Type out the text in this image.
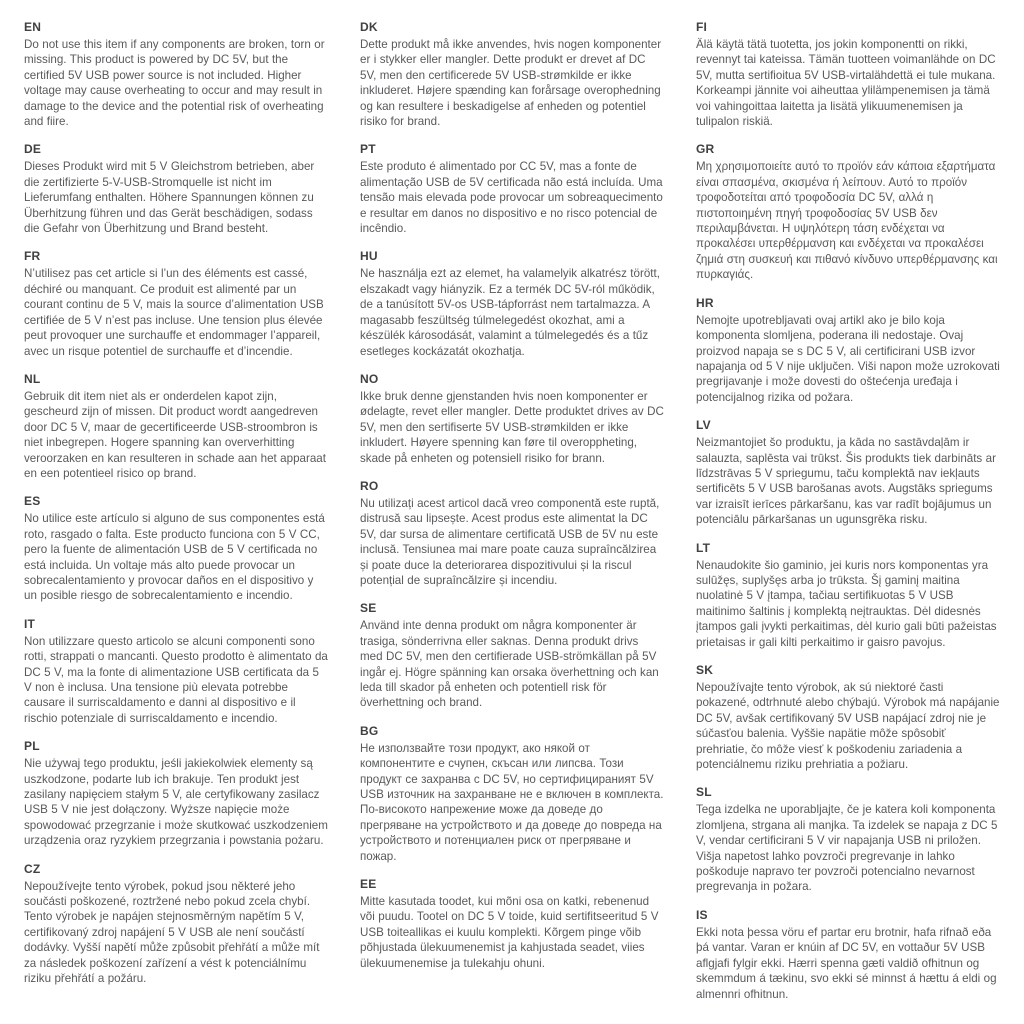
EN

Do not use this item if any components are broken, torn or missing. This product is powered by DC 5V, but the certified 5V USB power source is not included. Higher voltage may cause overheating to occur and may result in damage to the device and the potential risk of overheating and fiire.

DE

Dieses Produkt wird mit 5 V Gleichstrom betrieben, aber die zertifizierte 5-V-USB-Stromquelle ist nicht im Lieferumfang enthalten. Höhere Spannungen können zu Überhitzung führen und das Gerät beschädigen, sodass die Gefahr von Überhitzung und Brand besteht.

FR

N’utilisez pas cet article si l’un des éléments est cassé, déchiré ou manquant. Ce produit est alimenté par un courant continu de 5 V, mais la source d’alimentation USB certifiée de 5 V n’est pas incluse. Une tension plus élevée peut provoquer une surchauffe et endommager l’appareil, avec un risque potentiel de surchauffe et d’incendie.

NL

Gebruik dit item niet als er onderdelen kapot zijn, gescheurd zijn of missen. Dit product wordt aangedreven door DC 5 V, maar de gecertificeerde USB-stroombron is niet inbegrepen. Hogere spanning kan oververhitting veroorzaken en kan resulteren in schade aan het apparaat en een potentieel risico op brand.

ES

No utilice este artículo si alguno de sus componentes está roto, rasgado o falta. Este producto funciona con 5 V CC, pero la fuente de alimentación USB de 5 V certificada no está incluida. Un voltaje más alto puede provocar un sobrecalentamiento y provocar daños en el dispositivo y un posible riesgo de sobrecalentamiento e incendio.

IT

Non utilizzare questo articolo se alcuni componenti sono rotti, strappati o mancanti. Questo prodotto è alimentato da DC 5 V, ma la fonte di alimentazione USB certificata da 5 V non è inclusa. Una tensione più elevata potrebbe causare il surriscaldamento e danni al dispositivo e il rischio potenziale di surriscaldamento e incendio.

PL

Nie używaj tego produktu, jeśli jakiekolwiek elementy są uszkodzone, podarte lub ich brakuje. Ten produkt jest zasilany napięciem stałym 5 V, ale certyfikowany zasilacz USB 5 V nie jest dołączony. Wyższe napięcie może spowodować przegrzanie i może skutkować uszkodzeniem urządzenia oraz ryzykiem przegrzania i powstania pożaru.

CZ

Nepoužívejte tento výrobek, pokud jsou některé jeho součásti poškozené, roztržené nebo pokud zcela chybí. Tento výrobek je napájen stejnosměrným napětím 5 V, certifikovaný zdroj napájení 5 V USB ale není součástí dodávky. Vyšší napětí může způsobit přehřátí a může mít za následek poškození zařízení a vést k potenciálnímu riziku přehřátí a požáru.

DK

Dette produkt må ikke anvendes, hvis nogen komponenter er i stykker eller mangler. Dette produkt er drevet af DC 5V, men den certificerede 5V USB-strømkilde er ikke inkluderet. Højere spænding kan forårsage overophedning og kan resultere i beskadigelse af enheden og potentiel risiko for brand.

PT

Este produto é alimentado por CC 5V, mas a fonte de alimentação USB de 5V certificada não está incluída. Uma tensão mais elevada pode provocar um sobreaquecimento e resultar em danos no dispositivo e no risco potencial de incêndio.

HU

Ne használja ezt az elemet, ha valamelyik alkatrész törött, elszakadt vagy hiányzik. Ez a termék DC 5V-ról működik, de a tanúsított 5V-os USB-tápforrást nem tartalmazza. A magasabb feszültség túlmelegedést okozhat, ami a készülék károsodását, valamint a túlmelegedés és a tűz esetleges kockázatát okozhatja.

NO

Ikke bruk denne gjenstanden hvis noen komponenter er ødelagte, revet eller mangler. Dette produktet drives av DC 5V, men den sertifiserte 5V USB-strømkilden er ikke inkludert. Høyere spenning kan føre til overoppheting, skade på enheten og potensiell risiko for brann.

RO

Nu utilizați acest articol dacă vreo componentă este ruptă, distrusă sau lipsește. Acest produs este alimentat la DC 5V, dar sursa de alimentare certificată USB de 5V nu este inclusă. Tensiunea mai mare poate cauza supraîncălzirea și poate duce la deteriorarea dispozitivului și la riscul potențial de supraîncălzire și incendiu.

SE

Använd inte denna produkt om några komponenter är trasiga, sönderrivna eller saknas. Denna produkt drivs med DC 5V, men den certifierade USB-strömkällan på 5V ingår ej. Högre spänning kan orsaka överhettning och kan leda till skador på enheten och potentiell risk för överhettning och brand.

BG

Не използвайте този продукт, ако някой от компонентите е счупен, скъсан или липсва. Този продукт се захранва с DC 5V, но сертифицираният 5V USB източник на захранване не е включен в комплекта. По-високото напрежение може да доведе до прегряване на устройството и да доведе до повреда на устройството и потенциален риск от прегряване и пожар.

EE

Mitte kasutada toodet, kui mõni osa on katki, rebenenud või puudu. Tootel on DC 5 V toide, kuid sertifitseeritud 5 V USB toiteallikas ei kuulu komplekti. Kõrgem pinge võib põhjustada ülekuumenemist ja kahjustada seadet, viies ülekuumenemise ja tulekahju ohuni.

FI

Älä käytä tätä tuotetta, jos jokin komponentti on rikki, revennyt tai kateissa. Tämän tuotteen voimanlähde on DC 5V, mutta sertifioitua 5V USB-virtalähdettä ei tule mukana. Korkeampi jännite voi aiheuttaa ylilämpenemisen ja tämä voi vahingoittaa laitetta ja lisätä ylikuumenemisen ja tulipalon riskiä.

GR

Μη χρησιμοποιείτε αυτό το προϊόν εάν κάποια εξαρτήματα είναι σπασμένα, σκισμένα ή λείπουν. Αυτό το προϊόν τροφοδοτείται από τροφοδοσία DC 5V, αλλά η πιστοποιημένη πηγή τροφοδοσίας 5V USB δεν περιλαμβάνεται. Η υψηλότερη τάση ενδέχεται να προκαλέσει υπερθέρμανση και ενδέχεται να προκαλέσει ζημιά στη συσκευή και πιθανό κίνδυνο υπερθέρμανσης και πυρκαγιάς.

HR

Nemojte upotrebljavati ovaj artikl ako je bilo koja komponenta slomljena, poderana ili nedostaje. Ovaj proizvod napaja se s DC 5 V, ali certificirani USB izvor napajanja od 5 V nije uključen. Viši napon može uzrokovati pregrijavanje i može dovesti do oštećenja uređaja i potencijalnog rizika od požara.

LV

Neizmantojiet šo produktu, ja kāda no sastāvdaļām ir salauzta, saplēsta vai trūkst. Šis produkts tiek darbināts ar līdzstrāvas 5 V spriegumu, taču komplektā nav iekļauts sertificēts 5 V USB barošanas avots. Augstāks spriegums var izraisīt ierīces pārkaršanu, kas var radīt bojājumus un potenciālu pārkaršanas un ugunsgrēka risku.

LT

Nenaudokite šio gaminio, jei kuris nors komponentas yra sulūžęs, suplyšęs arba jo trūksta. Šį gaminį maitina nuolatinė 5 V įtampa, tačiau sertifikuotas 5 V USB maitinimo šaltinis į komplektą neįtrauktas. Dėl didesnės įtampos gali įvykti perkaitimas, dėl kurio gali būti pažeistas prietaisas ir gali kilti perkaitimo ir gaisro pavojus.

SK

Nepoužívajte tento výrobok, ak sú niektoré časti pokazené, odtrhnuté alebo chýbajú. Výrobok má napájanie DC 5V, avšak certifikovaný 5V USB napájací zdroj nie je súčasťou balenia. Vyššie napätie môže spôsobiť prehriatie, čo môže viesť k poškodeniu zariadenia a potenciálnemu riziku prehriatia a požiaru.

SL

Tega izdelka ne uporabljajte, če je katera koli komponenta zlomljena, strgana ali manjka. Ta izdelek se napaja z DC 5 V, vendar certificirani 5 V vir napajanja USB ni priložen. Višja napetost lahko povzroči pregrevanje in lahko poškoduje napravo ter povzroči potencialno nevarnost pregrevanja in požara.

IS

Ekki nota þessa vöru ef partar eru brotnir, hafa rifnað eða þá vantar. Varan er knúin af DC 5V, en vottaður 5V USB aflgjafi fylgir ekki. Hærri spenna gæti valdið ofhitnun og skemmdum á tækinu, svo ekki sé minnst á hættu á eldi og almennri ofhitnun.
